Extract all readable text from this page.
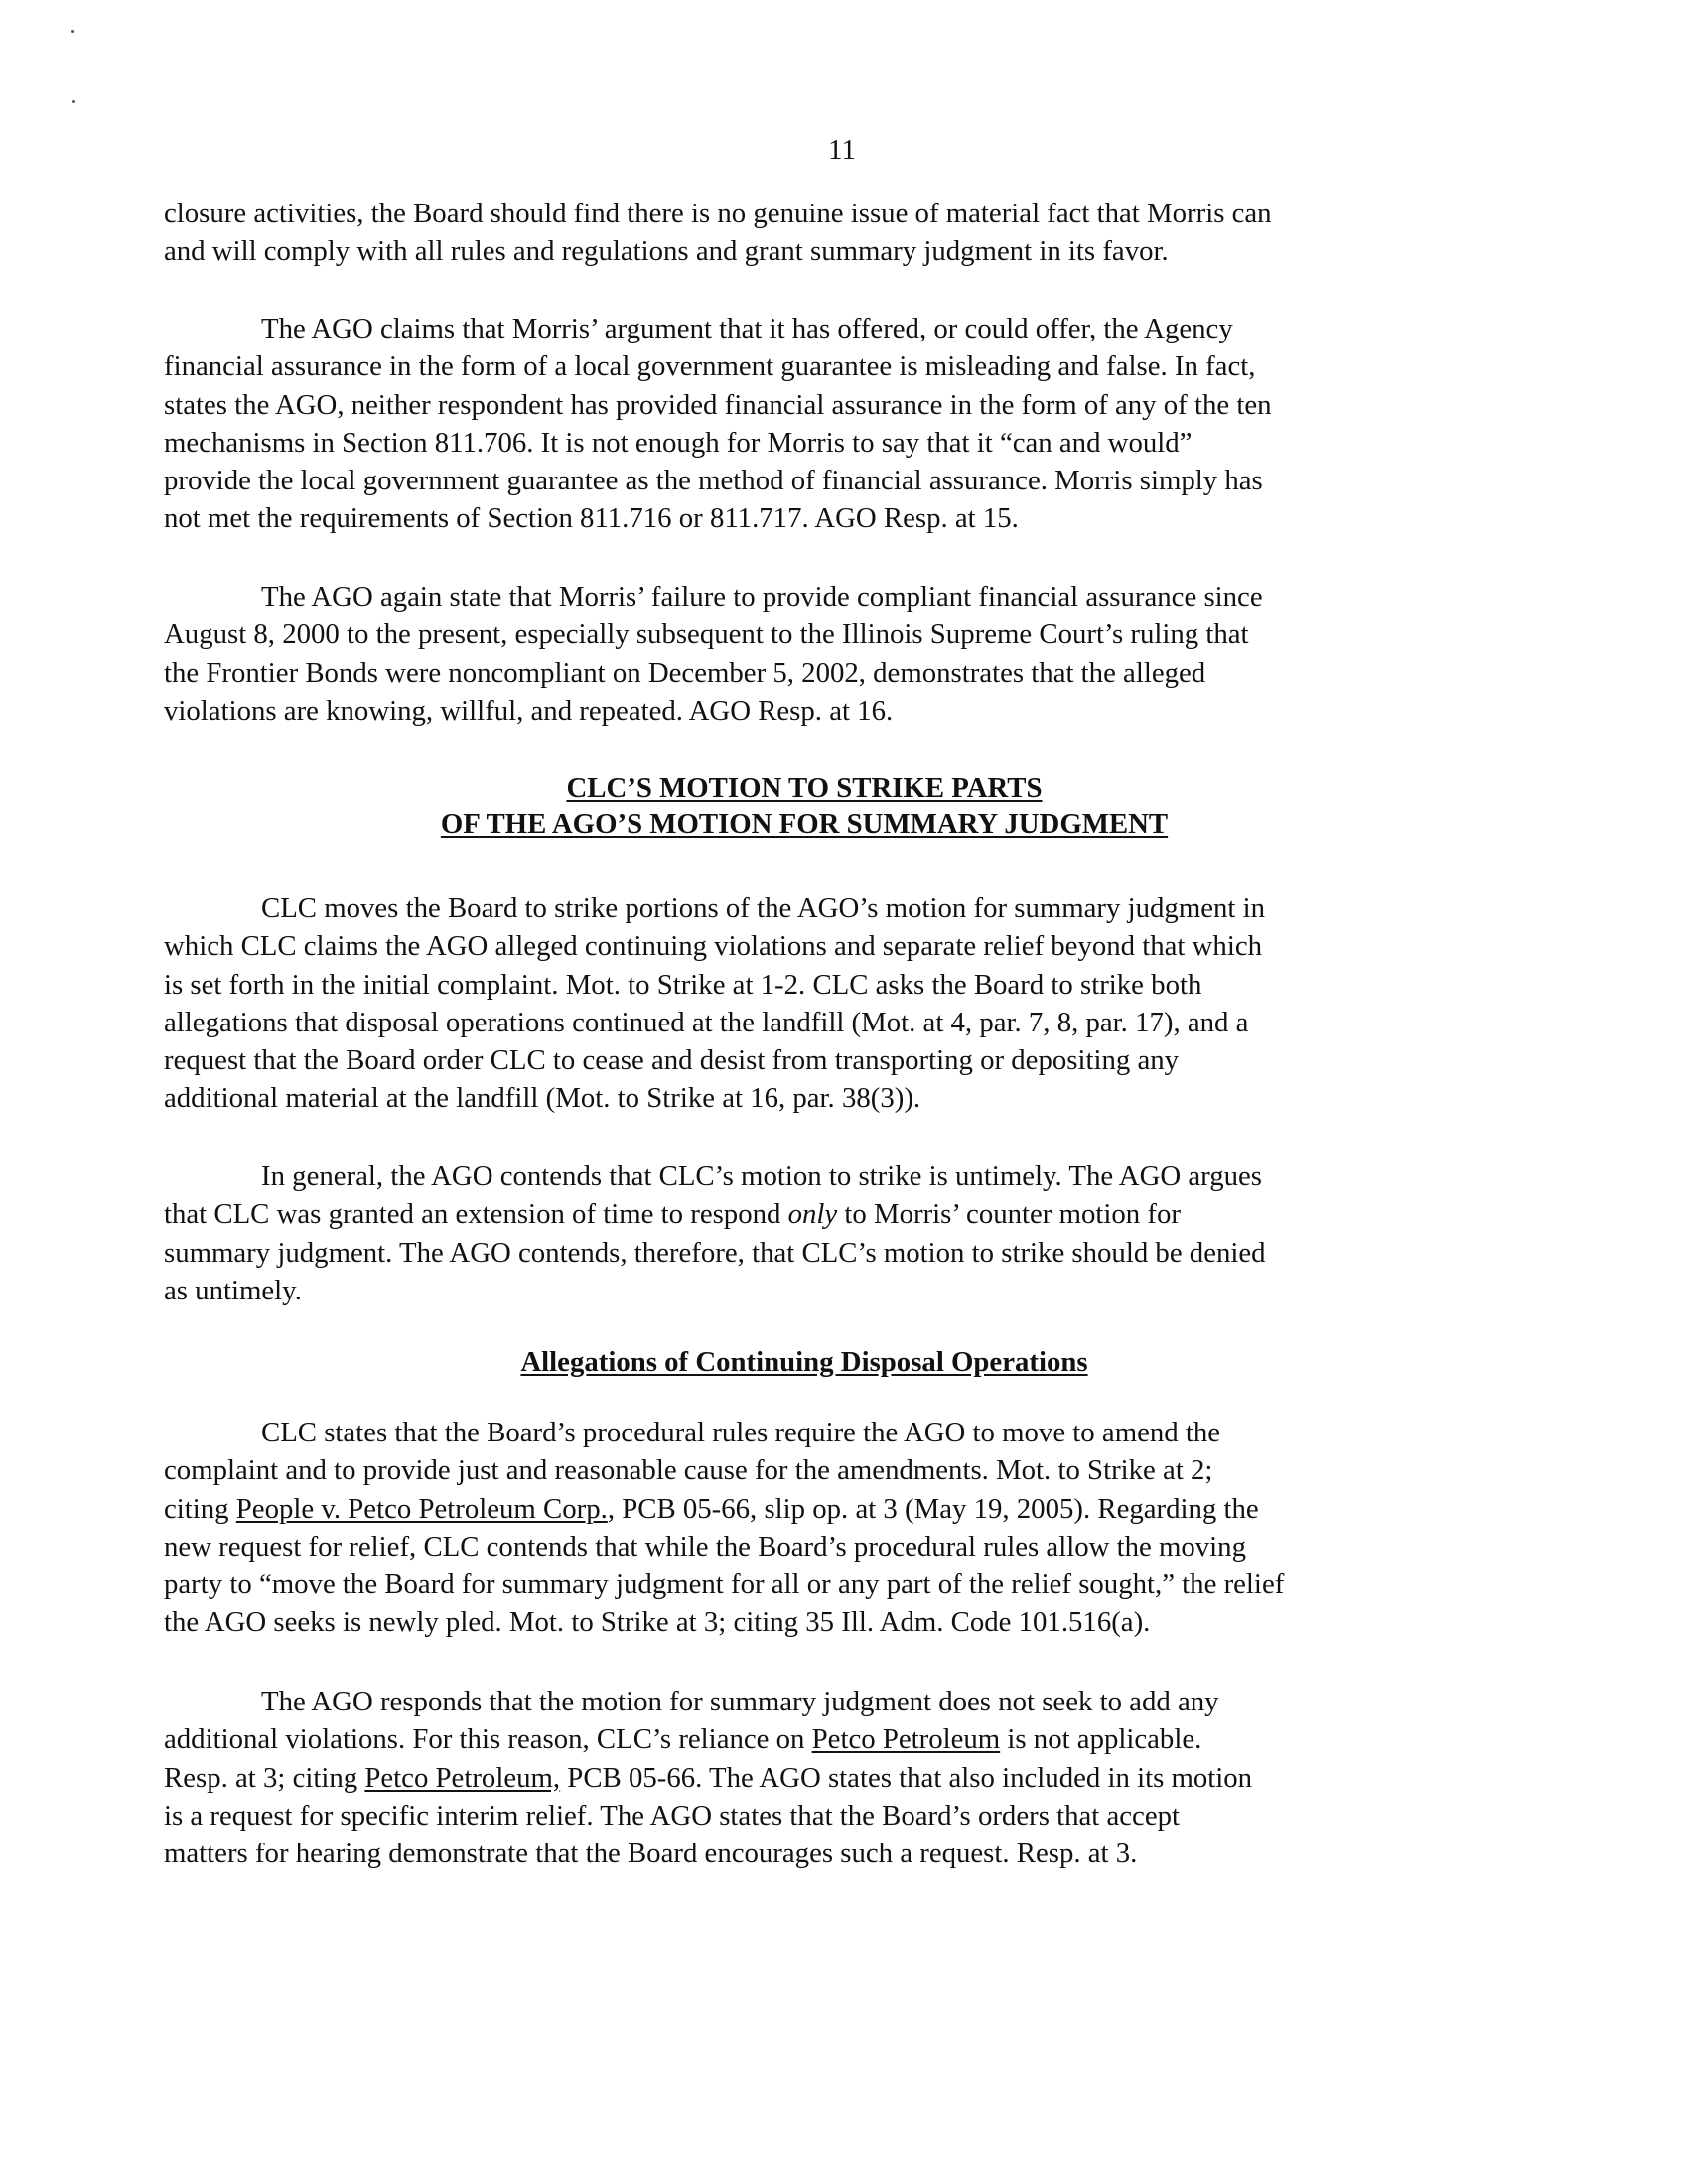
11

closure activities, the Board should find there is no genuine issue of material fact that Morris can
and will comply with all rules and regulations and grant summary judgment in its favor.

The AGO claims that Morris’ argument that it has offered, or could offer, the Agency
financial assurance in the form of a local government guarantee is misleading and false. In fact,
states the AGO, neither respondent has provided financial assurance in the form of any of the ten
mechanisms in Section 811.706. It is not enough for Morris to say that it “can and would”
provide the local government guarantee as the method of financial assurance. Morris simply has
not met the requirements of Section 811.716 or 811.717. AGO Resp. at 15.

The AGO again state that Morris’ failure to provide compliant financial assurance since
August 8, 2000 to the present, especially subsequent to the Illinois Supreme Court’s ruling that
the Frontier Bonds were noncompliant on December 5, 2002, demonstrates that the alleged
violations are knowing, willful, and repeated. AGO Resp. at 16.

CLC’S MOTION TO STRIKE PARTS
OF THE AGO’S MOTION FOR SUMMARY JUDGMENT

CLC moves the Board to strike portions of the AGO’s motion for summary judgment in
which CLC claims the AGO alleged continuing violations and separate relief beyond that which
is set forth in the initial complaint. Mot. to Strike at 1-2. CLC asks the Board to strike both
allegations that disposal operations continued at the landfill (Mot. at 4, par. 7, 8, par. 17), and a
request that the Board order CLC to cease and desist from transporting or depositing any
additional material at the landfill (Mot. to Strike at 16, par. 38(3)).

In general, the AGO contends that CLC’s motion to strike is untimely. The AGO argues
that CLC was granted an extension of time to respond only to Morris’ counter motion for
summary judgment. The AGO contends, therefore, that CLC’s motion to strike should be denied
as untimely.

Allegations of Continuing Disposal Operations

CLC states that the Board’s procedural rules require the AGO to move to amend the
complaint and to provide just and reasonable cause for the amendments. Mot. to Strike at 2;
citing People v. Petco Petroleum Corp., PCB 05-66, slip op. at 3 (May 19, 2005). Regarding the
new request for relief, CLC contends that while the Board’s procedural rules allow the moving
party to “move the Board for summary judgment for all or any part of the relief sought,” the relief
the AGO seeks is newly pled. Mot. to Strike at 3; citing 35 Ill. Adm. Code 101.516(a).

The AGO responds that the motion for summary judgment does not seek to add any
additional violations. For this reason, CLC’s reliance on Petco Petroleum is not applicable.
Resp. at 3; citing Petco Petroleum, PCB 05-66. The AGO states that also included in its motion
is a request for specific interim relief. The AGO states that the Board’s orders that accept
matters for hearing demonstrate that the Board encourages such a request. Resp. at 3.
